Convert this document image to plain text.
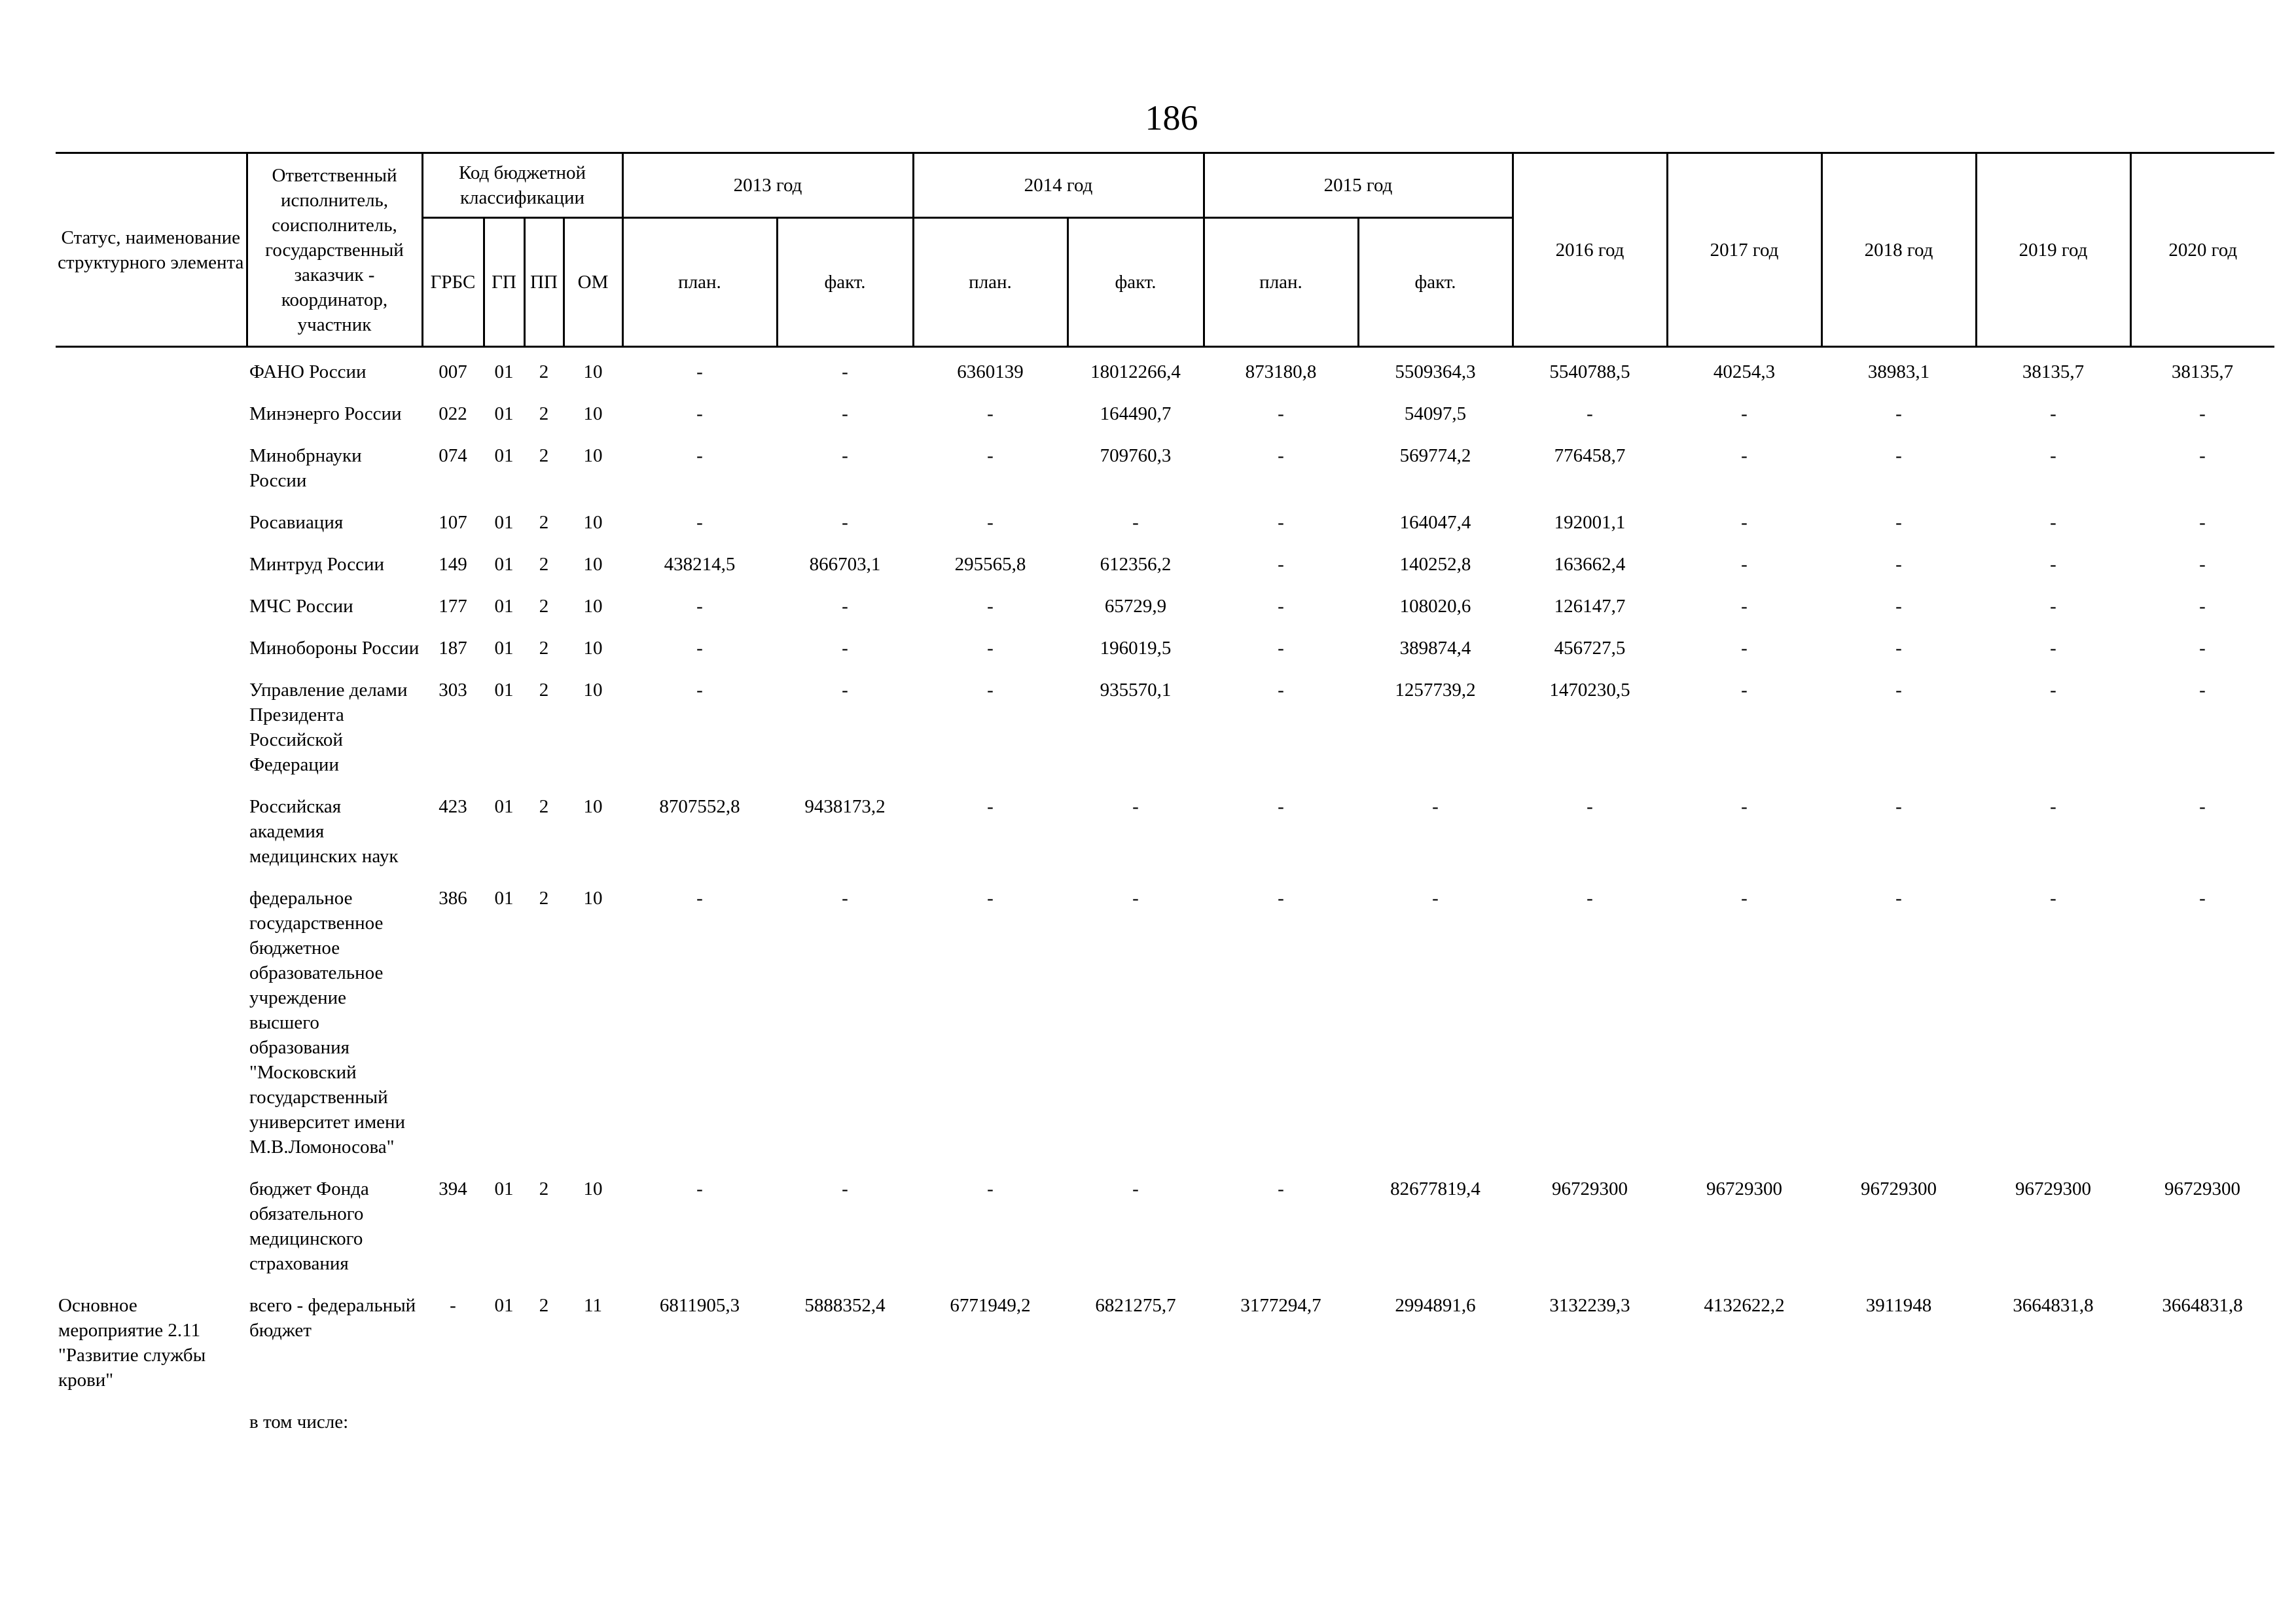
186
Статус, наименование структурного элемента	Ответственный исполнитель, соисполнитель, государственный заказчик - координатор, участник	Код бюджетной классификации				2013 год		2014 год		2015 год		2016 год	2017 год	2018 год	2019 год	2020 год
		ГРБС	ГП	ПП	ОМ	план.	факт.	план.	факт.	план.	факт.					
	ФАНО России	007	01	2	10	-	-	6360139	18012266,4	873180,8	5509364,3	5540788,5	40254,3	38983,1	38135,7	38135,7
	Минэнерго России	022	01	2	10	-	-	-	164490,7	-	54097,5	-	-	-	-	-
	Минобрнауки России	074	01	2	10	-	-	-	709760,3	-	569774,2	776458,7	-	-	-	-
	Росавиация	107	01	2	10	-	-	-	-	-	164047,4	192001,1	-	-	-	-
	Минтруд России	149	01	2	10	438214,5	866703,1	295565,8	612356,2	-	140252,8	163662,4	-	-	-	-
	МЧС России	177	01	2	10	-	-	-	65729,9	-	108020,6	126147,7	-	-	-	-
	Минобороны России	187	01	2	10	-	-	-	196019,5	-	389874,4	456727,5	-	-	-	-
	Управление делами Президента Российской Федерации	303	01	2	10	-	-	-	935570,1	-	1257739,2	1470230,5	-	-	-	-
	Российская академия медицинских наук	423	01	2	10	8707552,8	9438173,2	-	-	-	-	-	-	-	-	-
	федеральное государственное бюджетное образовательное учреждение высшего образования "Московский государственный университет имени М.В.Ломоносова"	386	01	2	10	-	-	-	-	-	-	-	-	-	-	-
	бюджет Фонда обязательного медицинского страхования	394	01	2	10	-	-	-	-	-	82677819,4	96729300	96729300	96729300	96729300	96729300
Основное мероприятие 2.11 "Развитие службы крови"	всего - федеральный бюджет	-	01	2	11	6811905,3	5888352,4	6771949,2	6821275,7	3177294,7	2994891,6	3132239,3	4132622,2	3911948	3664831,8	3664831,8
	в том числе:															
